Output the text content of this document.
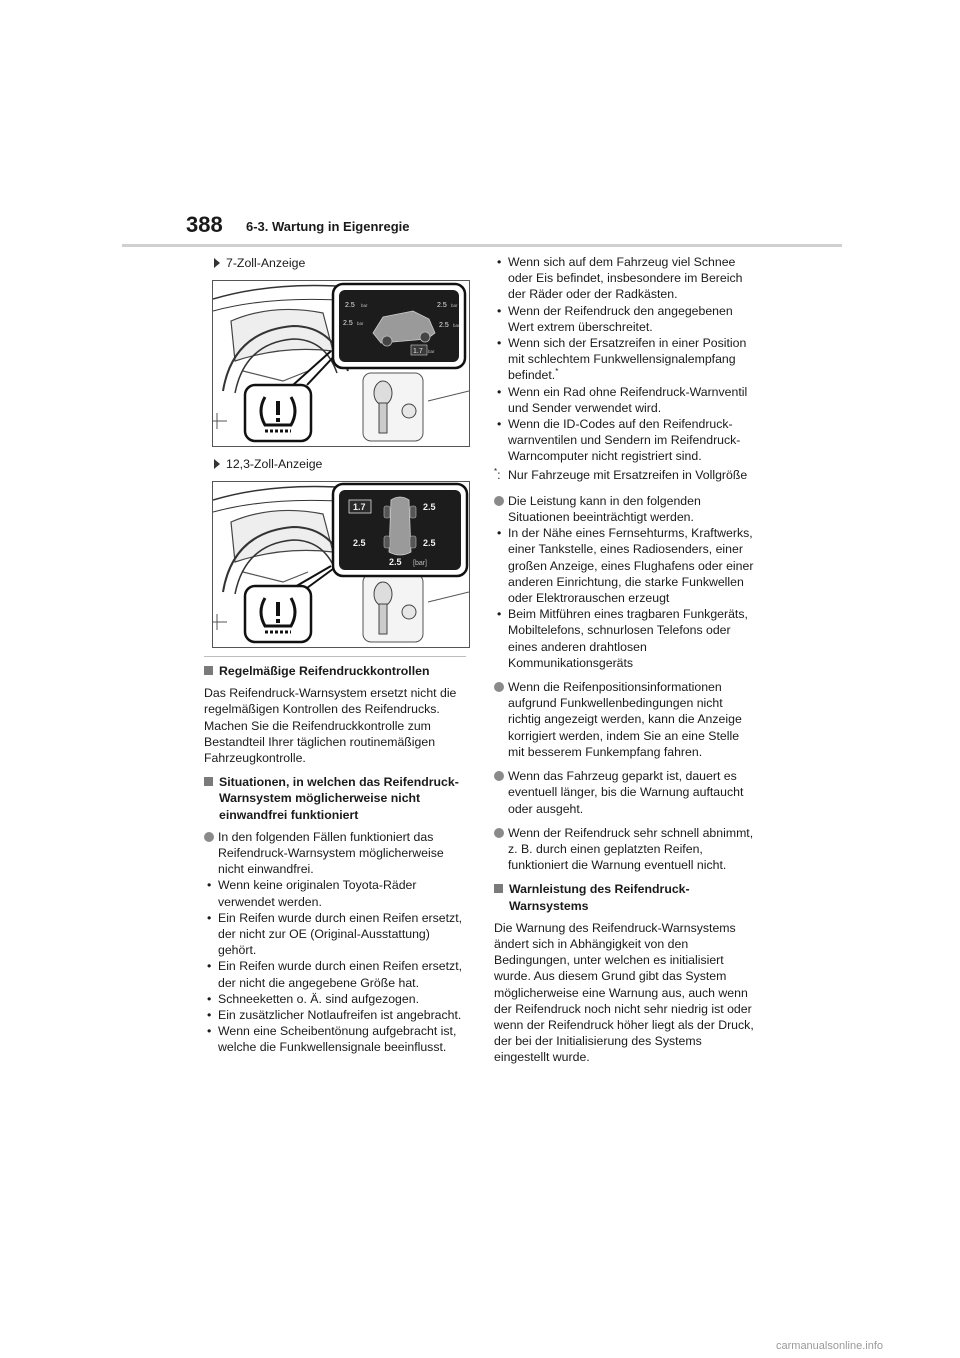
388 6-3. Wartung in Eigenregie
7-Zoll-Anzeige
2.5	2.5
2.5	2.5
1.7
bar	bar
bar	bar
bar
12,3-Zoll-Anzeige
1.7	2.5
2.5	2.5
2.5 [bar]
Regelmäßige Reifendruckkontrollen

Das Reifendruck-Warnsystem ersetzt nicht die regelmäßigen Kontrollen des Reifendrucks. Machen Sie die Reifendruckkontrolle zum Bestandteil Ihrer täglichen routinemäßigen Fahrzeugkontrolle.

Situationen, in welchen das Reifendruck-Warnsystem möglicherweise nicht einwandfrei funktioniert
In den folgenden Fällen funktioniert das Reifendruck-Warnsystem möglicherweise nicht einwandfrei.
• Wenn keine originalen Toyota-Räder verwendet werden.
• Ein Reifen wurde durch einen Reifen ersetzt, der nicht zur OE (Original-Ausstattung) gehört.
• Ein Reifen wurde durch einen Reifen ersetzt, der nicht die angegebene Größe hat.
• Schneeketten o. Ä. sind aufgezogen.
• Ein zusätzlicher Notlaufreifen ist angebracht.
• Wenn eine Scheibentönung aufgebracht ist, welche die Funkwellensignale beeinflusst.
• Wenn sich auf dem Fahrzeug viel Schnee oder Eis befindet, insbesondere im Bereich der Räder oder der Radkästen.
• Wenn der Reifendruck den angegebenen Wert extrem überschreitet.
• Wenn sich der Ersatzreifen in einer Position mit schlechtem Funkwellensignalempfang befindet.*
• Wenn ein Rad ohne Reifendruck-Warnventil und Sender verwendet wird.
• Wenn die ID-Codes auf den Reifendruck-warnventilen und Sendern im Reifendruck-Warncomputer nicht registriert sind.
*: Nur Fahrzeuge mit Ersatzreifen in Vollgröße
Die Leistung kann in den folgenden Situationen beeinträchtigt werden.
• In der Nähe eines Fernsehturms, Kraftwerks, einer Tankstelle, eines Radiosenders, einer großen Anzeige, eines Flughafens oder einer anderen Einrichtung, die starke Funkwellen oder Elektrorauschen erzeugt
• Beim Mitführen eines tragbaren Funkgeräts, Mobiltelefons, schnurlosen Telefons oder eines anderen drahtlosen Kommunikationsgeräts
Wenn die Reifenpositionsinformationen aufgrund Funkwellenbedingungen nicht richtig angezeigt werden, kann die Anzeige korrigiert werden, indem Sie an eine Stelle mit besserem Funkempfang fahren.
Wenn das Fahrzeug geparkt ist, dauert es eventuell länger, bis die Warnung auftaucht oder ausgeht.
Wenn der Reifendruck sehr schnell abnimmt, z. B. durch einen geplatzten Reifen, funktioniert die Warnung eventuell nicht.
Warnleistung des Reifendruck-Warnsystems

Die Warnung des Reifendruck-Warnsystems ändert sich in Abhängigkeit von den Bedingungen, unter welchen es initialisiert wurde. Aus diesem Grund gibt das System möglicherweise eine Warnung aus, auch wenn der Reifendruck noch nicht sehr niedrig ist oder wenn der Reifendruck höher liegt als der Druck, der bei der Initialisierung des Systems eingestellt wurde.

carmanualsonline.info
